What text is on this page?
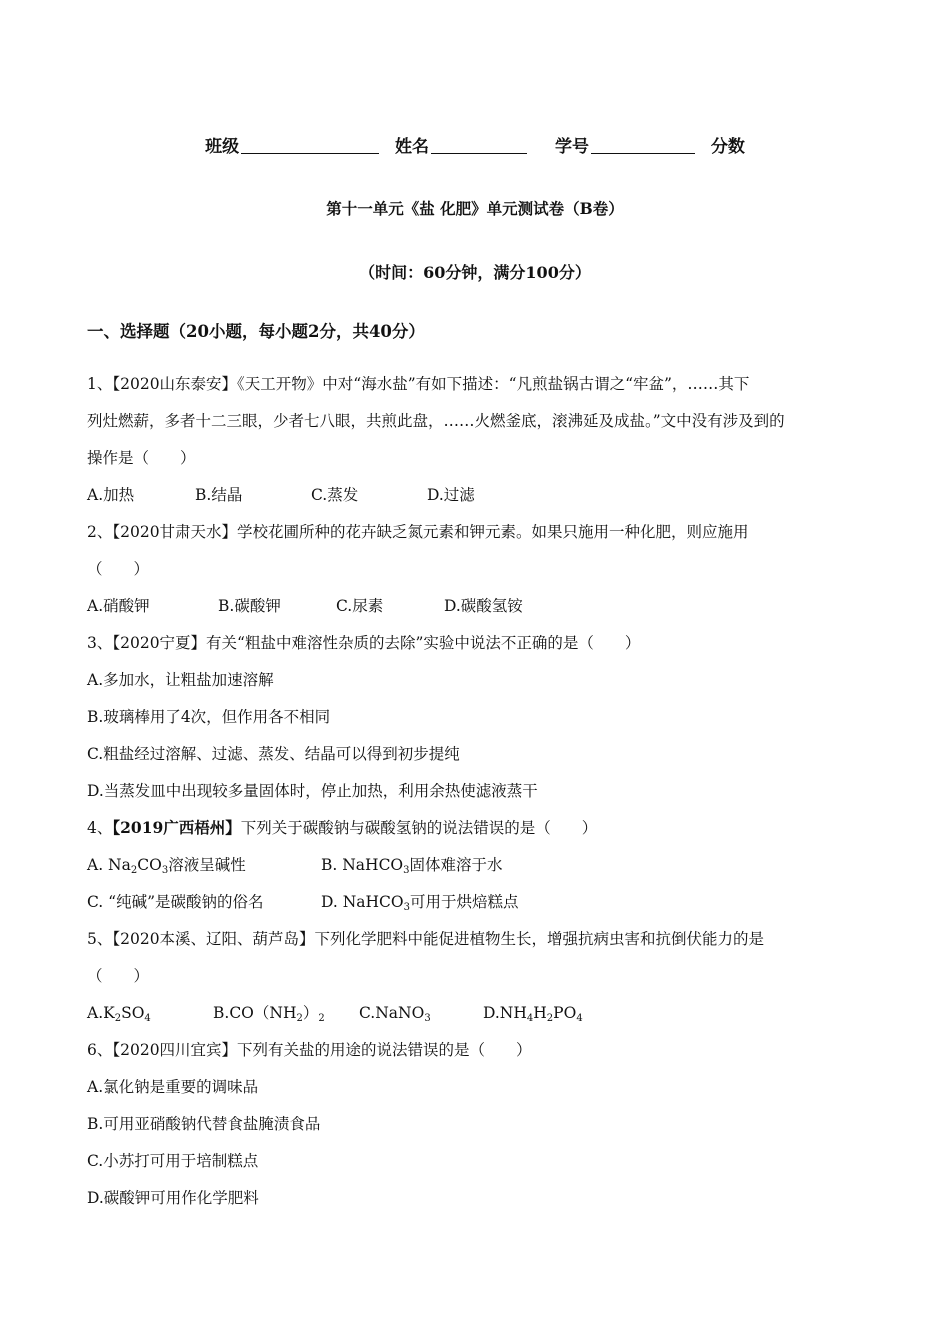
班级	姓名	学号	分数
第十一单元《盐 化肥》单元测试卷（B卷）
（时间：60分钟，满分100分）
一、选择题（20小题，每小题2分，共40分）
1、【2020山东泰安】《天工开物》中对“海水盐”有如下描述：“凡煎盐锅古谓之“牢盆”，……其下
列灶燃薪，多者十二三眼，少者七八眼，共煎此盘，……火燃釜底，滚沸延及成盐。”文中没有涉及到的
操作是（　　）
A.加热	B.结晶	C.蒸发	D.过滤
2、【2020甘肃天水】学校花圃所种的花卉缺乏氮元素和钾元素。如果只施用一种化肥，则应施用
（　　）
A.硝酸钾	B.碳酸钾	C.尿素	D.碳酸氢铵
3、【2020宁夏】有关“粗盐中难溶性杂质的去除”实验中说法不正确的是（　　）
A.多加水，让粗盐加速溶解
B.玻璃棒用了4次，但作用各不相同
C.粗盐经过溶解、过滤、蒸发、结晶可以得到初步提纯
D.当蒸发皿中出现较多量固体时，停止加热，利用余热使滤液蒸干
4、【2019广西梧州】下列关于碳酸钠与碳酸氢钠的说法错误的是（　　）
A. $Na_2CO_3$溶液呈碱性	B. NaHCO$_3$固体难溶于水
C. “纯碱”是碳酸钠的俗名	D. NaHCO$_3$可用于烘焙糕点
5、【2020本溪、辽阳、葫芦岛】下列化学肥料中能促进植物生长，增强抗病虫害和抗倒伏能力的是
（　　）
$A.K_2SO_4$	$B.CO(NH_2)_2$ C.NaNO$_3$	$D.NH_4H_2PO_4$
6、【2020四川宜宾】下列有关盐的用途的说法错误的是（　　）
A.氯化钠是重要的调味品
B.可用亚硝酸钠代替食盐腌渍食品
C.小苏打可用于培制糕点
D.碳酸钾可用作化学肥料
